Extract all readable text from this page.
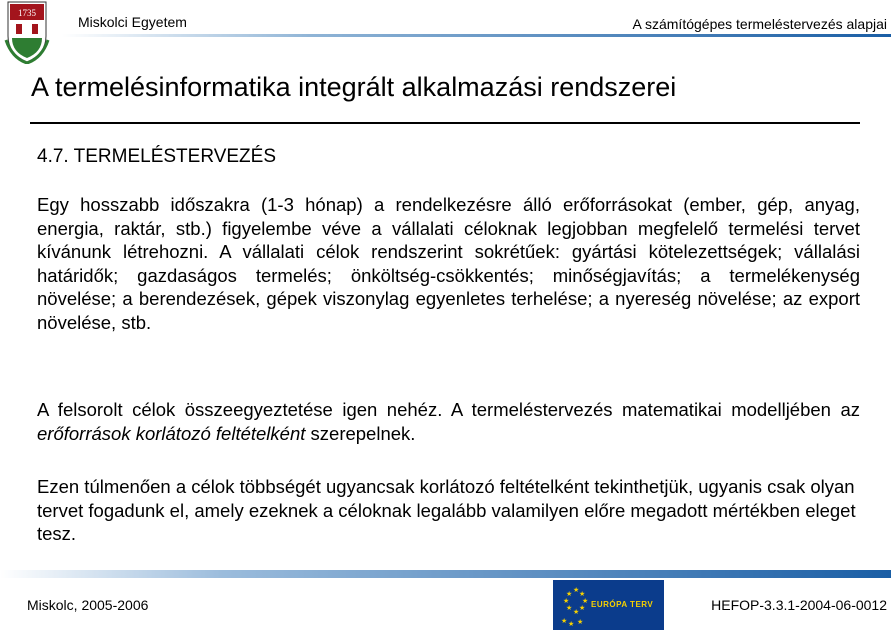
1735
Miskolci Egyetem	A számítógépes termeléstervezés alapjai
A termelésinformatika integrált alkalmazási rendszerei
4.7. TERMELÉSTERVEZÉS

Egy hosszabb időszakra (1-3 hónap) a rendelkezésre álló erőforrásokat (ember, gép, anyag, energia, raktár, stb.) figyelembe véve a vállalati céloknak legjobban megfelelő termelési tervet kívánunk létrehozni. A vállalati célok rendszerint sokrétűek: gyártási kötelezettségek; vállalási határidők; gazdaságos termelés; önköltség-csökkentés; minőségjavítás; a termelékenység növelése; a berendezések, gépek viszonylag egyenletes terhelése; a nyereség növelése; az export növelése, stb.

A felsorolt célok összeegyeztetése igen nehéz. A termeléstervezés matematikai modelljében az erőforrások korlátozó feltételként szerepelnek.

Ezen túlmenően a célok többségét ugyancsak korlátozó feltételként tekinthetjük, ugyanis csak olyan tervet fogadunk el, amely ezeknek a céloknak legalább valamilyen előre megadott mértékben eleget tesz.

Miskolc, 2005-2006
★ ★
★
★
★
★
★
★
★ ★ ★
EURÓPA TERV	HEFOP-3.3.1-2004-06-0012
